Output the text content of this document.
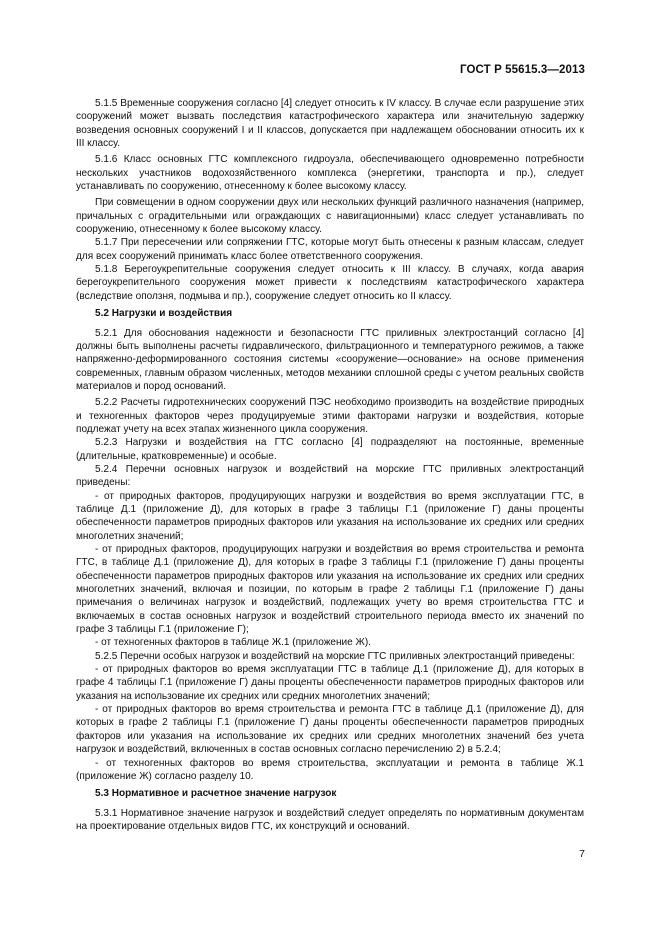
ГОСТ Р 55615.3—2013

5.1.5 Временные сооружения согласно [4] следует относить к IV классу. В случае если разрушение этих сооружений может вызвать последствия катастрофического характера или значительную задержку возведения основных сооружений I и II классов, допускается при надлежащем обосновании относить их к III классу.

5.1.6 Класс основных ГТС комплексного гидроузла, обеспечивающего одновременно потребности нескольких участников водохозяйственного комплекса (энергетики, транспорта и пр.), следует устанавливать по сооружению, отнесенному к более высокому классу.

При совмещении в одном сооружении двух или нескольких функций различного назначения (например, причальных с оградительными или ограждающих с навигационными) класс следует устанавливать по сооружению, отнесенному к более высокому классу.

5.1.7 При пересечении или сопряжении ГТС, которые могут быть отнесены к разным классам, следует для всех сооружений принимать класс более ответственного сооружения.

5.1.8 Берегоукрепительные сооружения следует относить к III классу. В случаях, когда авария берегоукрепительного сооружения может привести к последствиям катастрофического характера (вследствие оползня, подмыва и пр.), сооружение следует относить ко II классу.

5.2 Нагрузки и воздействия

5.2.1 Для обоснования надежности и безопасности ГТС приливных электростанций согласно [4] должны быть выполнены расчеты гидравлического, фильтрационного и температурного режимов, а также напряженно-деформированного состояния системы «сооружение—основание» на основе применения современных, главным образом численных, методов механики сплошной среды с учетом реальных свойств материалов и пород оснований.

5.2.2 Расчеты гидротехнических сооружений ПЭС необходимо производить на воздействие природных и техногенных факторов через продуцируемые этими факторами нагрузки и воздействия, которые подлежат учету на всех этапах жизненного цикла сооружения.

5.2.3 Нагрузки и воздействия на ГТС согласно [4] подразделяют на постоянные, временные (длительные, кратковременные) и особые.

5.2.4 Перечни основных нагрузок и воздействий на морские ГТС приливных электростанций приведены:

- от природных факторов, продуцирующих нагрузки и воздействия во время эксплуатации ГТС, в таблице Д.1 (приложение Д), для которых в графе 3 таблицы Г.1 (приложение Г) даны проценты обеспеченности параметров природных факторов или указания на использование их средних или средних многолетних значений;

- от природных факторов, продуцирующих нагрузки и воздействия во время строительства и ремонта ГТС, в таблице Д.1 (приложение Д), для которых в графе 3 таблицы Г.1 (приложение Г) даны проценты обеспеченности параметров природных факторов или указания на использование их средних или средних многолетних значений, включая и позиции, по которым в графе 2 таблицы Г.1 (приложение Г) даны примечания о величинах нагрузок и воздействий, подлежащих учету во время строительства ГТС и включаемых в состав основных нагрузок и воздействий строительного периода вместо их значений по графе 3 таблицы Г.1 (приложение Г);

- от техногенных факторов в таблице Ж.1 (приложение Ж).

5.2.5 Перечни особых нагрузок и воздействий на морские ГТС приливных электростанций приведены:

- от природных факторов во время эксплуатации ГТС в таблице Д.1 (приложение Д), для которых в графе 4 таблицы Г.1 (приложение Г) даны проценты обеспеченности параметров природных факторов или указания на использование их средних или средних многолетних значений;

- от природных факторов во время строительства и ремонта ГТС в таблице Д.1 (приложение Д), для которых в графе 2 таблицы Г.1 (приложение Г) даны проценты обеспеченности параметров природных факторов или указания на использование их средних или средних многолетних значений без учета нагрузок и воздействий, включенных в состав основных согласно перечислению 2) в 5.2.4;

- от техногенных факторов во время строительства, эксплуатации и ремонта в таблице Ж.1 (приложение Ж) согласно разделу 10.

5.3 Нормативное и расчетное значение нагрузок

5.3.1 Нормативное значение нагрузок и воздействий следует определять по нормативным документам на проектирование отдельных видов ГТС, их конструкций и оснований.

7
